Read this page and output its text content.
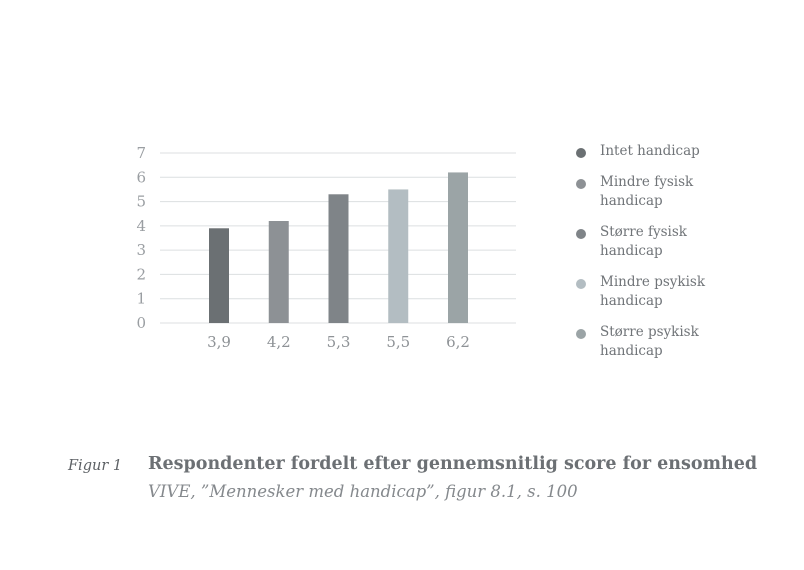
0
1
2
3
4
5
6
7
3,9 4,2 5,3 5,5 6,2
Intet handicap
Mindre fysisk handicap
Større fysisk handicap
Mindre psykisk handicap
Større psykisk handicap
Figur 1 Respondenter fordelt efter gennemsnitlig score for ensomhed
VIVE, ”Mennesker med handicap”, figur 8.1, s. 100
